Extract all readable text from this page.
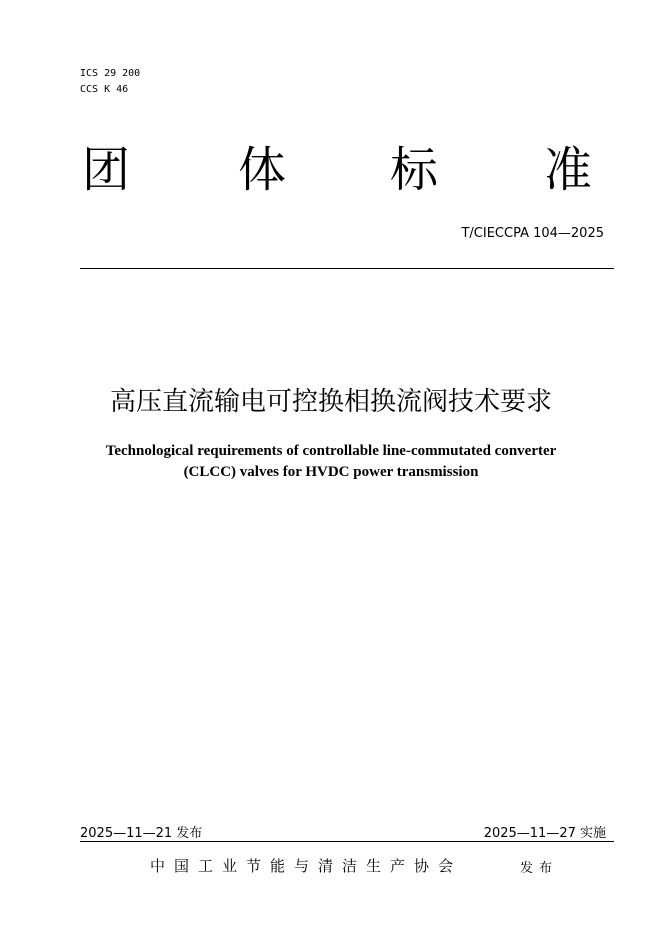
ICS 29 200
CCS K 46
团 体 标 准
T/CIECCPA 104—2025
高压直流输电可控换相换流阀技术要求
Technological requirements of controllable line-commutated converter
(CLCC) valves for HVDC power transmission
2025—11—21 发布	2025—11—27 实施
中国工业节能与清洁生产协会	发布
